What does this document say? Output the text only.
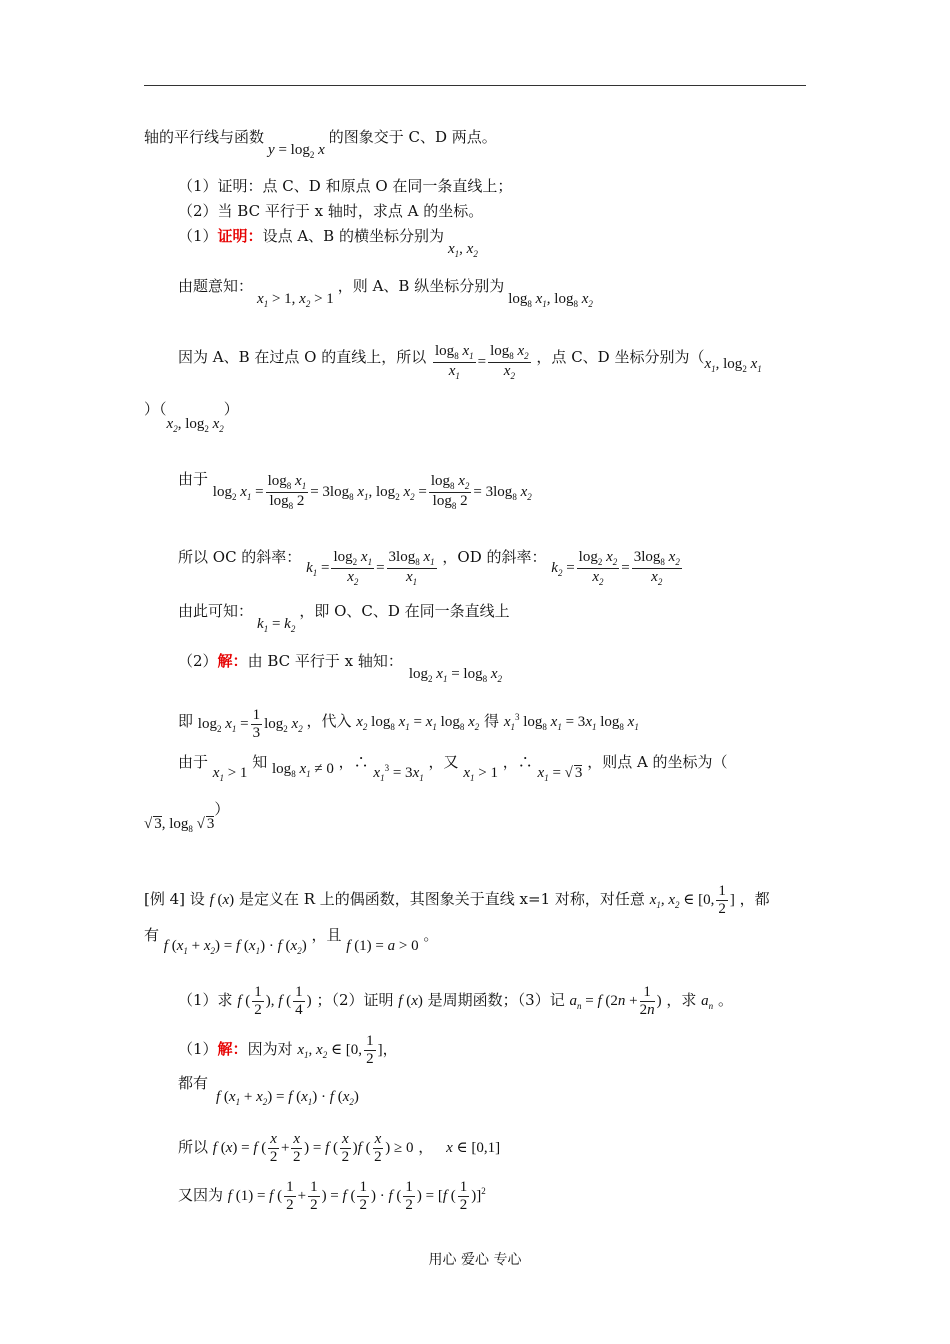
轴的平行线与函数$y = \log_2 x$的图象交于 C、D 两点。
（1）证明：点 C、D 和原点 O 在同一条直线上；
（2）当 BC 平行于 x 轴时，求点 A 的坐标。
（1）证明：设点 A、B 的横坐标分别为$x_1$, $x_2$
由题意知：$x_1 > 1$, $x_2 > 1$，则 A、B 纵坐标分别为$\log_8 x_1$, $\log_8 x_2$
因为 A、B 在过点 O 的直线上，所以 $\frac{\log_8 x_1}{x_1} = \frac{\log_8 x_2}{x_2}$ ，点 C、D 坐标分别为（$x_1$, $\log_2 x_1$
）（$x_2$, $\log_2 x_2$）
由于 $\log_2 x_1 = \frac{\log_8 x_1}{\log_8 2} = 3\log_8$ $x_1$, $\log_2 x_2 = \frac{\log_8 x_2}{\log_8 2} = 3\log_8$ $x_2$
所以 OC 的斜率： $k_1 = \frac{\log_2 x_1}{x_2} = \frac{3\log_8 x_1}{x_1}$ ，OD 的斜率： $k_2 = \frac{\log_2 x_2}{x_2} = \frac{3\log_8 x_2}{x_2}$
由此可知：$k_1 = k_2$，即 O、C、D 在同一条直线上
（2）解：由 BC 平行于 x 轴知：$\log_2 x_1 = \log_8 x_2$
即 $\log_2 x_1 = \frac{1}{3} \log_2 x_2$ ，代入 $x_2$ $\log_8 x_1 = x_1$ $\log_8 x_2$ 得 $x_1^3$ $\log_8 x_1 = 3x_1$ $\log_8 x_1$
由于 $x_1 > 1$ 知 $\log_8 x_1 \ne 0$ ，∴ $x_1^3 = 3x_1$ ，又 $x_1 > 1$ ，∴ $x_1$ = √ 3 ，则点 A 的坐标为（
√ 3, $\log_8$ √ 3）
[例 4] 设 f (x) 是定义在 R 上的偶函数，其图象关于直线 x=1 对称，对任意 $x_1$, $x_2$ ∈ [0, $\frac{1}{2}$ ] ，都
有 f $(x_1 + x_2) = f$ $(x_1) \cdot f$ $(x_2)$ ，且 f (1) = a > 0 。
（1）求 f ( $\frac{1}{2}$ ), f ( $\frac{1}{4}$ ) ；（2）证明 f (x) 是周期函数；（3）记 $a_n = f$ ($2n + \frac{1}{2n}$ ) ，求 $a_n$ 。
（1）解：因为对 $x_1$, $x_2$ ∈ [0, $\frac{1}{2}$ ]，
都有
f $(x_1 + x_2) = f$ $(x_1) \cdot f$ $(x_2)$
所以 f (x) = f ( $\frac{x}{2} + \frac{x}{2}$ ) = f ( $\frac{x}{2} )f$ ( $\frac{x}{2}$ ) ≥ 0 ， x ∈ [0,1]
又因为 f (1) = f ( $\frac{1}{2} + \frac{1}{2}$ ) = f ( $\frac{1}{2}$ ) · f ( $\frac{1}{2}$ ) = [f ( $\frac{1}{2} )]^2$
用心 爱心 专心
